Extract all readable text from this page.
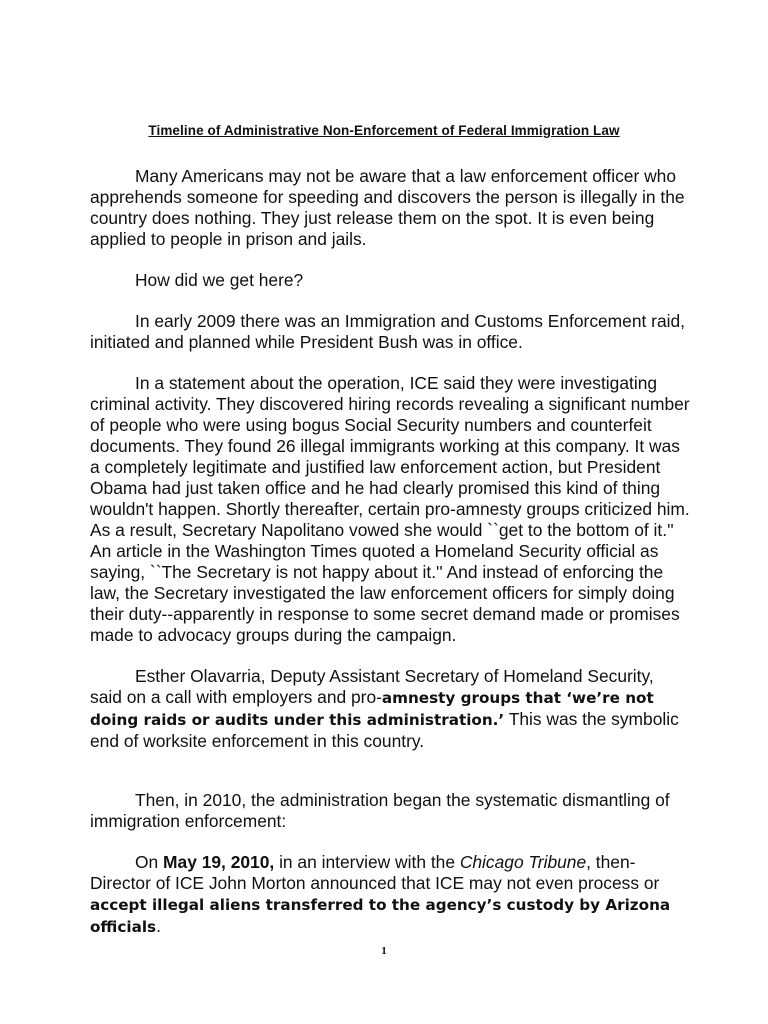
Timeline of Administrative Non-Enforcement of Federal Immigration Law

Many Americans may not be aware that a law enforcement officer who apprehends someone for speeding and discovers the person is illegally in the country does nothing. They just release them on the spot. It is even being applied to people in prison and jails.

How did we get here?

In early 2009 there was an Immigration and Customs Enforcement raid, initiated and planned while President Bush was in office.

In a statement about the operation, ICE said they were investigating criminal activity. They discovered hiring records revealing a significant number of people who were using bogus Social Security numbers and counterfeit documents. They found 26 illegal immigrants working at this company. It was a completely legitimate and justified law enforcement action, but President Obama had just taken office and he had clearly promised this kind of thing wouldn't happen. Shortly thereafter, certain pro-amnesty groups criticized him. As a result, Secretary Napolitano vowed she would ``get to the bottom of it.'' An article in the Washington Times quoted a Homeland Security official as saying, ``The Secretary is not happy about it.'' And instead of enforcing the law, the Secretary investigated the law enforcement officers for simply doing their duty--apparently in response to some secret demand made or promises made to advocacy groups during the campaign.

Esther Olavarria, Deputy Assistant Secretary of Homeland Security, said on a call with employers and pro-amnesty groups that ‘we’re not doing raids or audits under this administration.’ This was the symbolic end of worksite enforcement in this country.

Then, in 2010, the administration began the systematic dismantling of immigration enforcement:

On May 19, 2010, in an interview with the Chicago Tribune, then-Director of ICE John Morton announced that ICE may not even process or accept illegal aliens transferred to the agency’s custody by Arizona officials.

1
